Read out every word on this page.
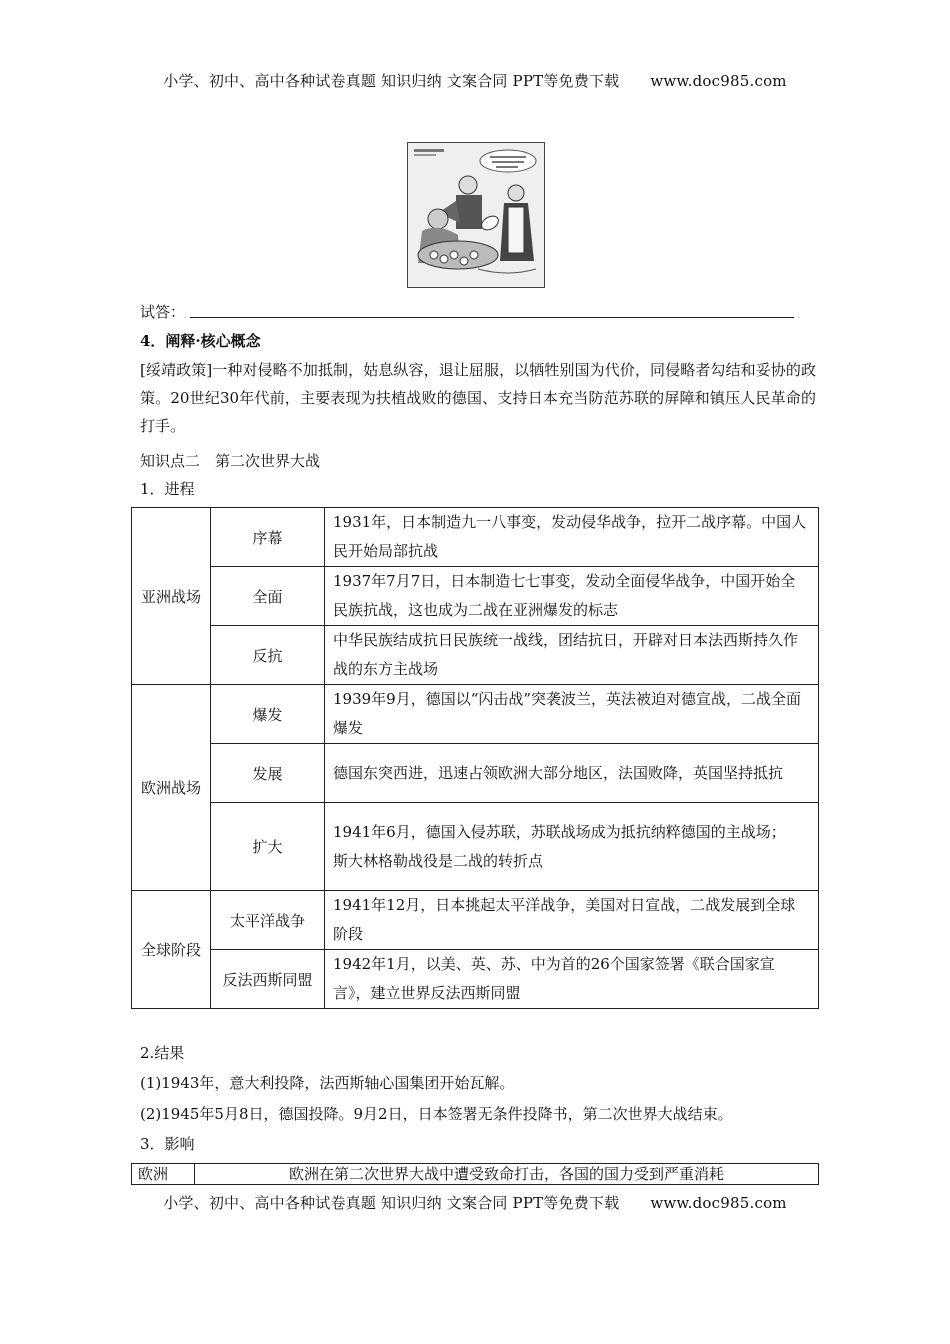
小学、初中、高中各种试卷真题 知识归纳 文案合同 PPT等免费下载 www.doc985.com
试答：
4．阐释·核心概念
[绥靖政策]一种对侵略不加抵制，姑息纵容，退让屈服，以牺牲别国为代价，同侵略者勾结和妥协的政策。20世纪30年代前，主要表现为扶植战败的德国、支持日本充当防范苏联的屏障和镇压人民革命的打手。
知识点二　第二次世界大战
1．进程
亚洲战场	序幕	1931年，日本制造九一八事变，发动侵华战争，拉开二战序幕。中国人民开始局部抗战
	全面	1937年7月7日，日本制造七七事变，发动全面侵华战争，中国开始全民族抗战，这也成为二战在亚洲爆发的标志
	反抗	中华民族结成抗日民族统一战线，团结抗日，开辟对日本法西斯持久作战的东方主战场
欧洲战场	爆发	1939年9月，德国以“闪击战”突袭波兰，英法被迫对德宣战，二战全面爆发
	发展	德国东突西进，迅速占领欧洲大部分地区，法国败降，英国坚持抵抗
	扩大	1941年6月，德国入侵苏联，苏联战场成为抵抗纳粹德国的主战场；
斯大林格勒战役是二战的转折点

全球阶段	太平洋战争	1941年12月，日本挑起太平洋战争，美国对日宣战，二战发展到全球阶段
	反法西斯同盟	1942年1月，以美、英、苏、中为首的26个国家签署《联合国家宣言》，建立世界反法西斯同盟
2.结果
(1)1943年，意大利投降，法西斯轴心国集团开始瓦解。
(2)1945年5月8日，德国投降。9月2日，日本签署无条件投降书，第二次世界大战结束。
3．影响
欧洲	欧洲在第二次世界大战中遭受致命打击，各国的国力受到严重消耗
小学、初中、高中各种试卷真题 知识归纳 文案合同 PPT等免费下载 www.doc985.com
